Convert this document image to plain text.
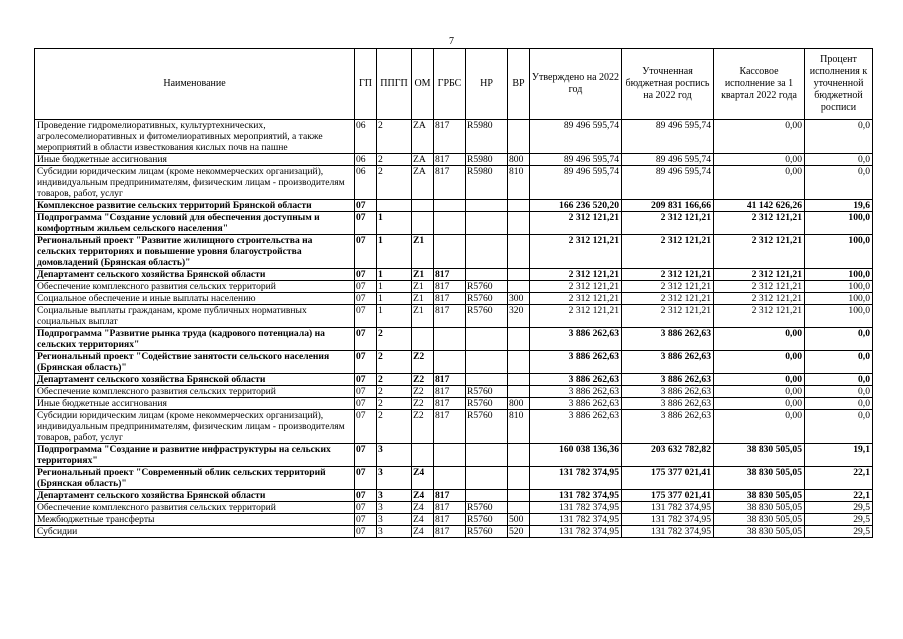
7
Наименование	ГП	ППГП	ОМ	ГРБС	НР	ВР	Утверждено на 2022 год	Уточненная бюджетная роспись на 2022 год	Кассовое исполнение за 1 квартал 2022 года	Процент исполнения к уточненной бюджетной росписи
Проведение гидромелиоративных, культуртехнических, агролесомелиоративных и фитомелиоративных мероприятий, а также мероприятий в области известкования кислых почв на пашне	06	2	ZA	817	R5980		89 496 595,74	89 496 595,74	0,00	0,0
Иные бюджетные ассигнования	06	2	ZA	817	R5980	800	89 496 595,74	89 496 595,74	0,00	0,0
Субсидии юридическим лицам (кроме некоммерческих организаций), индивидуальным предпринимателям, физическим лицам - производителям товаров, работ, услуг	06	2	ZA	817	R5980	810	89 496 595,74	89 496 595,74	0,00	0,0
Комплексное развитие сельских территорий Брянской области	07						166 236 520,20	209 831 166,66	41 142 626,26	19,6
Подпрограмма "Создание условий для обеспечения доступным и комфортным жильем сельского населения"	07	1					2 312 121,21	2 312 121,21	2 312 121,21	100,0
Региональный проект "Развитие жилищного строительства на сельских территориях и повышение уровня благоустройства домовладений (Брянская область)"	07	1	Z1				2 312 121,21	2 312 121,21	2 312 121,21	100,0
Департамент сельского хозяйства Брянской области	07	1	Z1	817			2 312 121,21	2 312 121,21	2 312 121,21	100,0
Обеспечение комплексного развития сельских территорий	07	1	Z1	817	R5760		2 312 121,21	2 312 121,21	2 312 121,21	100,0
Социальное обеспечение и иные выплаты населению	07	1	Z1	817	R5760	300	2 312 121,21	2 312 121,21	2 312 121,21	100,0
Социальные выплаты гражданам, кроме публичных нормативных социальных выплат	07	1	Z1	817	R5760	320	2 312 121,21	2 312 121,21	2 312 121,21	100,0
Подпрограмма "Развитие рынка труда (кадрового потенциала) на сельских территориях"	07	2					3 886 262,63	3 886 262,63	0,00	0,0
Региональный проект "Содействие занятости сельского населения (Брянская область)"	07	2	Z2				3 886 262,63	3 886 262,63	0,00	0,0
Департамент сельского хозяйства Брянской области	07	2	Z2	817			3 886 262,63	3 886 262,63	0,00	0,0
Обеспечение комплексного развития сельских территорий	07	2	Z2	817	R5760		3 886 262,63	3 886 262,63	0,00	0,0
Иные бюджетные ассигнования	07	2	Z2	817	R5760	800	3 886 262,63	3 886 262,63	0,00	0,0
Субсидии юридическим лицам (кроме некоммерческих организаций), индивидуальным предпринимателям, физическим лицам - производителям товаров, работ, услуг	07	2	Z2	817	R5760	810	3 886 262,63	3 886 262,63	0,00	0,0
Подпрограмма "Создание и развитие инфраструктуры на сельских территориях"	07	3					160 038 136,36	203 632 782,82	38 830 505,05	19,1
Региональный проект "Современный облик сельских территорий (Брянская область)"	07	3	Z4				131 782 374,95	175 377 021,41	38 830 505,05	22,1
Департамент сельского хозяйства Брянской области	07	3	Z4	817			131 782 374,95	175 377 021,41	38 830 505,05	22,1
Обеспечение комплексного развития сельских территорий	07	3	Z4	817	R5760		131 782 374,95	131 782 374,95	38 830 505,05	29,5
Межбюджетные трансферты	07	3	Z4	817	R5760	500	131 782 374,95	131 782 374,95	38 830 505,05	29,5
Субсидии	07	3	Z4	817	R5760	520	131 782 374,95	131 782 374,95	38 830 505,05	29,5
